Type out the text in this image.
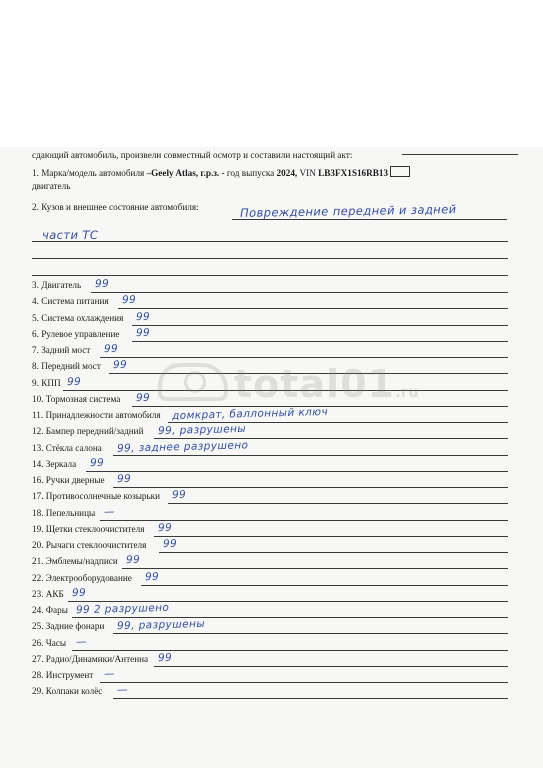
сдающий автомобиль, произвели совместный осмотр и составили настоящий акт:
1. Марка/модель автомобиля –Geely Atlas, г.р.з. - год выпуска 2024, VIN LB3FX1S16RB13
двигатель
2. Кузов и внешнее состояние автомобиля:	Повреждение передней и задней
части ТС
total01.ru
3. Двигатель	99
4. Система питания	99
5. Система охлаждения	99
6. Рулевое управление	99
7. Задний мост	99
8. Передний мост	99
9. КПП 99
10. Тормозная система	99
11. Принадлежности автомобиля	домкрат, баллонный ключ
12. Бампер передний/задний	99, разрушены
13. Стёкла салона	99, заднее разрушено
14. Зеркала	99
16. Ручки дверные	99
17. Противосолнечные козырьки	99
18. Пепельницы —
19. Щетки стеклоочистителя	99
20. Рычаги стеклоочистителя	99
21. Эмблемы/надписи 99
22. Электрооборудование	99
23. АКБ 99
24. Фары 99 2 разрушено
25. Задние фонари	99, разрушены
26. Часы —
27. Радио/Динамики/Антенна 99
28. Инструмент	—
29. Колпаки колёс	—
